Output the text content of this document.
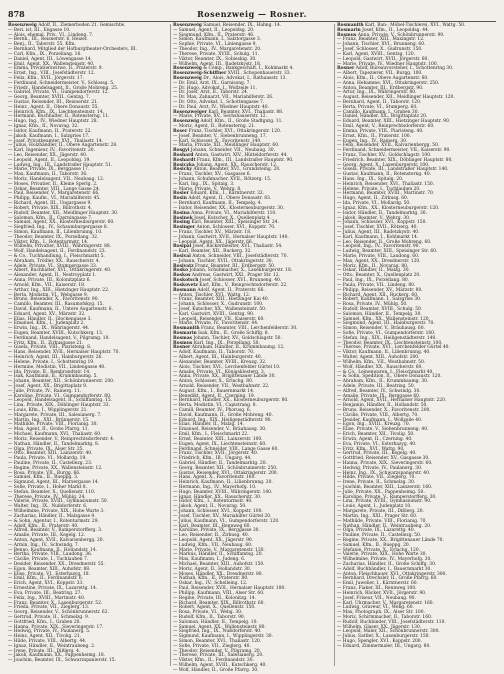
878	Rosenzweig — Rosner.
Rosenzweig Adolf, II., Ziemerboden 21. Gemischtw.
— Beri. ist, III., Engasse 10.
— Alois, ehemal. Priv., VI., Lindeng. 7.
— Bernh., III., Reisnerstr. 6, Heizer.
— Benj., II., Taborstr. 55, Kfm.
— Bernhard, Mitglied der Hofburgtheater-Orchesters, III.
— Carl, Kfm., IX., Porzellang. 16.
— Daniel, Agent, III., Löwengasse 14.
— Emil, Agent, XX., Wallensteinstr. 40.
— Emma, Privatierswitwe, II., Praterstr. 9.
— Ernst, Ing., VIII., Josefstädterstr. 12.
— Felix, Kfm., XVII., Jörgerstr. 17.
— Ferdinand, Schneidermeister, V., Schlossg. 5.
— Friedr., Handelsagent, II., Große Mohreng. 25.
— Gabriel, Private, VI., Gumpendorferstr. 12.
— Georg, Beamter, XVIII., Gentzg. 7.
— Gustav, Reisender, III., Reisnerstr. 21.
— Heinr., Agent, II., Obere Donaustr. 55.
— Heinrich, Kfm., IX., Liechtensteinstr. 14.
— Hermann, Buchhalter, II., Rotensterng. 11.
— Hugo, Ing., IV., Wiedner Hauptstr. 28.
— Ignaz, Kfm., II., Novarag. 32.
— Isidor, Kaufmann, II., Praterstr. 22.
— Jakob, Kaufmann, I., Salzgries 17.
— Josef, Privatbeamter, XVI., Thaliastr. 14.
— Julius, Holzhändler, II., Obere Augartenstr. 28.
— Karl, Ingenieur, IV., Favoritenstr. 20.
— Leo, Reisender, XX., Jägerstr. 40.
— Leopold, Agent, II., Leopoldsg. 19.
— Ludwig, Ing., III., Landstraßer Hauptstr. 51.
— Marie, Private, IX., Berggasse 17.
— Max, Kaufmann, II., Taborstr. 36.
— Moriz, Handelsagent, VII., Neubaug. 12.
— Moses, Privatier, II., Kleine Sperlg. 2.
— Oskar, Beamter, VIII., Lange Gasse 24.
— Paul, Reisender, V., Margaretenstr. 66.
— Philipp, Kaufm., VI., Mariahilferstr. 45.
— Richard, Agent, III., Ungargasse 9.
— Robert, Private, XIX., Billrothstr. 4.
— Rudolf, Beamter, XII., Meidlinger Hauptstr. 30.
— Salomon, Kfm., II., Czerningasse 7.
— Samuel, Agent, XX., Klosterneuburgerstr. 60.
— Siegfried, Ing., IV., Schaumburgergasse 8.
— Simon, Kaufmann, II., Lilienbrunng. 10.
— Theodor, Beamter, IX., Porzellang. 32.
— Viktor, Kfm., I., Rotenturmstr. 14.
— Wilhelm, Privatier, XVIII., Währingerstr. 88.
— Wolf, Handelsagent, II., Ferdinandstr. 23.
— & Co., Tuchhandlung, I., Fleischmarkt 5.
— Abraham, Trödler, XX., Rauscherstr. 4.
— Adele, Private, VI., Stumpergasse 33.
— Albert, Buchhalter, XVI., Ottakringerstr. 40.
— Alexander, Agent, II., Nestroyplatz 1.
— Anna, Private, III., Kolonitzplatz 6.
— Arnold, Kfm., VII., Kaiserstr. 18.
— Arthur, Ing., XIII., Hietzinger Hauptstr. 22.
— Berta, Modistin, VI., Webgasse 9.
— Bruno, Reisender, X., Favoritenstr. 90.
— Camillo, Beamter, III., Rasumofskyg. 15.
— David, Kaufmann, II., Untere Augartenstr. 6.
— Eduard, Agent, XV., Märzstr. 32.
— Elias, Händler, II., Glockengasse 3.
— Emanuel, Kfm., I., Judenplatz 2.
— Erwin, Ing., IX., Währingerstr. 44.
— Eugen, Beamter, XVIII., Kutschkerg. 13.
— Ferdinand, Handelsagent, V., Pilgramg. 10.
— Fritz, Kfm., II., Zirkusgasse 21.
— Gisela, Private, VIII., Piaristeng. 8.
— Hans, Reisender, XVII., Hernalser Hauptstr. 70.
— Heinrich, Agent, III., Hainburgerstr. 26.
— Helene, Private, I., Schottenring 19.
— Hermine, Modistin, VII., Lindengasse 40.
— Ida, Private, II., Rembrandtstr. 14.
— Isak, Kaufmann, II., Krummbaumg. 5.
— Johann, Beamter, XII., Schönbrunnerstr. 200.
— Josef, Agent, XX., Brigittaplatz 9.
— Julie, Private, IV., Rainerg. 11.
— Karoline, Private, VI., Gumpendorferstr. 80.
— Leopold, Handelsagent, II., Schiffamtsg. 15.
— Lina, Private, XIX., Döblinger Hauptstr. 33.
— Louis, Kfm., I., Wipplingerstr. 21.
— Margarete, Private, III., Salesianerg. 7.
— Martin, Ing., XXI., Brünnerstr. 15.
— Mathilde, Private, VIII., Florianig. 30.
— Max, Agent, II., Große Pfarrg. 11.
— Michael, Kaufmann, XVI., Thaliastr. 60.
— Moriz, Reisender, V., Reinprechtsdorferstr. 4.
— Nathan, Händler, II., Tandelmarktg. 8.
— Olga, Private, IX., Alser Str. 25.
— Otto, Beamter, XIII., Lainzerstr. 40.
— Paula, Private, VI., Mollardg. 19.
— Pauline, Private, II., Castellezg. 23.
— Regine, Private, XX., Wallensteinstr. 12.
— Rosa, Private, VII., Burgg. 66.
— Samuel, Kfm., II., Rueppg. 3.
— Sigmund, Agent, III., Marxergasse 14.
— Sofie, Private, I., Hoher Markt 8.
— Stefan, Beamter, X., Quellenstr. 110.
— Therese, Private, IV., Mühlg. 24.
— Valerie, Private, XVIII., Gymnasiumstr. 50.
— Walter, Ing., IX., Nußdorferstr. 6.
— Wilhelmine, Private, XIX., Hohe Warte 3.
— Zacharias, Händler, II., Malzgasse 9.
— & Sohn, Agentur, I., Rotenturmstr. 29.
— Adolf, Kfm., II., Praterstr. 40.
— Alfred, Beamter, V., Ramperstorfferg. 3.
— Amalie, Private, III., Kegelg. 12.
— Anton, Agent, XVII., Kalvarienbergg. 20.
— Armin, Ing., IV., Schwindg. 7.
— Benno, Kaufmann, II., Hollandstr. 14.
— Bertha, Private, VIII., Laudong. 36.
— Cäcilie, Private, I., Tuchlauben 7.
— Desider, Reisender, XX., Dresdnerstr. 55.
— Egon, Beamter, XIII., Auhofstr. 88.
— Elise, Private, VI., Esterhazyg. 18.
— Emil, Kfm., II., Ferdinandstr. 6.
— Erich, Agent, XVI., Koppstr. 33.
— Ernestine, Private, IX., Lazarettg. 14.
— Eva, Private, III., Beatrixg. 27.
— Felix, Ing., XVIII., Martinstr. 40.
— Franz, Beamter, X., Laxenburgerstr. 52.
— Frieda, Private, VII., Zieglerg. 13.
— Georg, Reisender, V., Schönbrunnerstr. 62.
— Gertrud, Private, II., Schmelzg. 9.
— Gottfried, Kfm., I., Graben 20.
— Hanna, Private, XIX., Sieveringerstr. 17.
— Hedwig, Private, IV., Paulanerg. 5.
— Heinz, Agent, XII., Tivolig. 21.
— Hilde, Private, VIII., Albertg. 44.
— Ignaz, Händler, II., Weintraubeng. 2.
— Irene, Private, III., Dißlerg. 4.
— Jakob, Kaufmann, XX., Pappenheimg. 18.
— Joachim, Beamter, IX., Schwarzspanierstr. 15.
Rosenzweig Samuel, Reisender, IX., Hahng. 14.
— Samuel, Agent, II., Leopoldsg. 20.
— Siegmund, Kfm., II., Praterstr. 46.
— Simon, Kaufmann, I., Salztorgasse 3.
— Sophie, Private, VI., Liniengasse 9.
— Theodor, Ing., IV., Margaretenstr. 20.
— Therese, Private, XVIII., Schulg. 11.
— Viktor, Beamter, IX., Sobieskig. 30.
— Wilhelm, Agent, III., Radetzkystr. 18.
Rosenzweig & Comp., Bankgeschäft, I., Kohlmarkt 4.
Rosenzweig-Schiffner XVIII., Schopenhauerstr. 33.
Rosenzweig Dr., Alois, Advokat, I., Rathausstr. 13.
— Dr. Emil, Arzt, IX., Garnisong. 7.
— Dr. Hugo, Advokat, I., Wollzeile 11.
— Dr. Josef, Arzt, II., Taborstr. 24.
— Dr. Max, Zahnarzt, VII., Mariahilferstr. 26.
— Dr. Otto, Advokat, I., Schottengasse 7.
— Dr. Paul, Arzt, IV., Wiedner Hauptstr. 40.
Rosenzweiger Karl, Beamter, XVI., Thaliastr. 88.
— Marie, Private, XV., Sechshauserstr. 12.
Rosenzwig Adolf, Kfm., II., Große Stadtgutg. 11.
— Moriz, Agent, II., Rotensterng. 21.
Roser Franz, Tischler, XVI., Ottakringerstr. 120.
— Josef, Beamter, V., Siebenbrunneng. 17.
— Karl, Schlosser, X., Favoritenstr. 140.
— Maria, Private, XII., Meidlinger Hauptstr. 60.
Rosgyi Johann, Schneider, VII., Neubaug. 30.
Roshard Anton, Gastwirt, XIV., Hütteldorferstr. 44.
Roshardt Franz, Kfm., III., Landstraßer Hauptstr. 90.
Rosiczka Johann, Agent, XX., Rauscherstr. 12.
Rosicky Anton, Beamter, XVI., Grundsteing. 20.
— Franz, Tischler, XV., Gasgasse 6.
— Johann, Schuhmacher, XVII., Rötzerg. 15.
— Karl, Ing., IX., Spitalg. 3.
— Marie, Private, V., Wehrg. 8.
Rosier Eduard, Kfm., I., Kärntnerstr. 32.
Rosin Adolf, Agent, II., Obere Donaustr. 83.
— Bernhard, Kaufmann, II., Tempelg. 4.
— Isidor, Reisender, XX., Klosterneuburgerstr. 30.
Rosina Anna, Private, VI., Mariahilferstr. 110.
Rosinek Josef, Kutscher, X., Quellenplatz 4.
Rosing Karl, Beamter, XIII., Speisinger Str. 24.
Rosinger Anton, Schlosser, XVI., Koppstr. 70.
— Franz, Tischler, XV., Märzstr. 18.
— Johann, Gastwirt, XVII., Hernalser Hauptstr. 140.
— Leopold, Agent, XX., Jägerstr. 66.
Rosipal Josef, Bäckermeister, XVI., Thaliastr. 54.
— Karl, Beamter, XII., Ruckerg. 32.
Rosival Anton, Schneider, VIII., Josefstädterstr. 70.
— Johann, Tischler, XVII., Ottakringerstr. 30.
Rosivatz Franz, Beamter, III., Erdbergstr. 50.
Rosko Johann, Schuhmacher, X., Laxenburgerstr. 18.
Roskos Andreas, Gastwirt, XXI., Prager Str. 12.
Roskotsch Josef, Schlosser, XVI., Brunneng. 40.
Roskovetz Karl, Kfm., V., Reinprechtsdorferstr. 22.
Rosmann Adolf, Agent, II., Praterstr. 66.
— Anton, Tischler, XVI., Wattg. 12.
— Franz, Beamter, XIII., Hietzinger Kai 40.
— Johann, Schlosser, X., Gudrunstr. 100.
— Josef, Kutscher, XX., Wallensteinstr. 50.
— Karl, Gastwirt, XVIII., Gentzg. 90.
— Leopold, Reisender, VII., Kaiserstr. 60.
— Marie, Private, IV., Favoritenstr. 44.
Rosmanith Franz, Beamter, VIII., Lerchenfelderstr. 30.
Rosmarin Isak, Kfm., II., Große Schiffg. 8.
Rosmas Johann, Tischler, XV., Goldschlagstr. 50.
Rosmus Karl, Ing., IX., Porzellang. 50.
Rosner Abraham, Händler, II., Krummbaumg. 12.
— Adolf, Kaufmann, II., Taborstr. 70.
— Albert, Agent, III., Hainburgerstr. 40.
— Alexander, Beamter, XVIII., Kreuzg. 32.
— Alois, Tischler, XVI., Lerchenfelder Gürtel 10.
— Amalie, Private, VI., Königsklosterg. 3.
— Anna, Private, XX., Brigittenauer Lände 30.
— Anton, Schlosser, X., Erlachg. 80.
— Arnold, Reisender, VII., Westbahnstr. 22.
— August, Kfm., I., Bauernmarkt 14.
— Benedikt, Agent, II., Czerning. 19.
— Bernhard, Händler, XX., Klosterneuburgerstr. 80.
— Berta, Modistin, VI., Capistrang. 8.
— Camill, Beamter, IV., Phorusg. 6.
— David, Kaufmann, II., Große Mohreng. 40.
— Eduard, Ing., XIX., Heiligenstädterstr. 90.
— Elias, Händler, II., Malzg. 14.
— Emanuel, Reisender, V., Bräuhausg. 30.
— Emil, Kfm., I., Fleischmarkt 22.
— Ernst, Beamter, XIII., Lainzerstr. 100.
— Eugen, Agent, IX., Liechtensteinstr. 60.
— Ferdinand, Schneider, VIII., Lange Gasse 60.
— Franz, Tischler, XVII., Jörgerstr. 40.
— Friedrich, Kfm., III., Ungarg. 44.
— Gabriel, Händler, II., Tandelmarktg. 20.
— Georg, Beamter, XII., Schönbrunnerstr. 250.
— Gustav, Reisender, XVI., Ottakringerstr. 200.
— Hans, Agent, X., Favoritenstr. 160.
— Heinrich, Kaufmann, II., Lilienbrunng. 20.
— Hermann, Ing., IV., Mayerhofg. 10.
— Hugo, Beamter, XVIII., Währingerstr. 140.
— Ignaz, Händler, XX., Rauscherstr. 30.
— Isidor, Kfm., I., Rotenturmstr. 40.
— Jakob, Agent, II., Novarag. 50.
— Johann, Schlosser, XVI., Koppstr. 100.
— Josef, Tischler, XV., Mariahilfer Gürtel 20.
— Julius, Kaufmann, VI., Gumpendorferstr. 120.
— Karl, Beamter, III., Rennweg 60.
— Karoline, Private, IX., Berggasse 30.
— Leo, Reisender, II., Zirkusg. 40.
— Leopold, Agent, XX., Jägerstr. 90.
— Ludwig, Kfm., VII., Neubaug. 60.
— Marie, Private, V., Margaretenstr. 120.
— Markus, Händler, II., Schiffamtsg. 20.
— Max, Kaufmann, I., Judeng. 6.
— Michael, Beamter, XIII., Auhofstr. 150.
— Moriz, Agent, II., Hollandstr. 30.
— Moses, Händler, XX., Dresdnerstr. 80.
— Nathan, Kfm., II., Praterstr. 80.
— Oskar, Ing., IV., Schelleing. 12.
— Paul, Reisender, XVII., Hernalser Hauptstr. 180.
— Philipp, Kaufmann, VIII., Alser Str. 60.
— Regine, Private, III., Kolonitzg. 14.
— Richard, Beamter, XIX., Billrothstr. 60.
— Robert, Agent, X., Quellenstr. 150.
— Rosa, Private, VI., Webg. 30.
— Rudolf, Kfm., II., Taborstr. 90.
— Salomon, Händler, II., Tempelg. 10.
— Samuel, Agent, XX., Wallensteinstr. 80.
— Siegfried, Ing., IX., Nußdorferstr. 40.
— Sigmund, Kaufmann, I., Wipplingerstr. 30.
— Simon, Beamter, XVI., Thaliastr. 120.
— Sofie, Private, VII., Zieglerg. 40.
— Theodor, Reisender, V., Pilgramg. 20.
— Therese, Private, III., Salesianerg. 20.
— Viktor, Kfm., II., Ferdinandstr. 30.
— Wilhelm, Agent, XVIII., Kutschkerg. 40.
— Wolf, Händler, II., Große Pfarrg. 30.
Rosmanith Karl, Ban-, Möbel-Tischlerei, XVI., Wattg. 50.
Rosmarin Josef, Kfm., II., Leopoldsg. 44.
Rosmus Anna, Private, V., Schönbrunnerstr. 90.
— Franz, Beamter, XIII., Maxingstr. 12.
— Johann, Tischler, XVI., Brunneng. 60.
— Josef, Schlosser, X., Gudrunstr. 150.
— Karl, Agent, XVIII., Gentzg. 120.
— Leopold, Gastwirt, XVII., Jörgerstr. 60.
— Marie, Private, IV., Wiedner Hauptstr. 100.
Rosner Adolf, Bureauvorsteher, I., Schottenring 30.
— Albert, Tapezierer, VII., Burgg. 100.
— Alois, Kfm., II., Obere Augartenstr. 60.
— Anna, Hebamme, XVI., Ottakringerstr. 250.
— Anton, Beamter, III., Erdbergstr. 90.
— Artur, Ing., IX., Währingerstr. 80.
— August, Reisender, XII., Meidlinger Hauptstr. 120.
— Bernhard, Agent, II., Taborstr. 120.
— Berta, Private, VI., Stumperg. 60.
— Camillo, Kaufmann, I., Graben 30.
— Daniel, Händler, XX., Brigittaplatz 20.
— Eduard, Beamter, XIII., Hietzinger Hauptstr. 90.
— Emil, Agent, V., Reinprechtsdorferstr. 60.
— Emma, Private, VIII., Piaristeng. 40.
— Ernst, Kfm., II., Praterstr. 100.
— Eugen, Ing., IV., Rainerg. 30.
— Felix, Reisender, XVII., Kalvarienbergg. 50.
— Ferdinand, Schneidermeister, VII., Kaiserstr. 90.
— Franz, Tischler, XV., Goldschlagstr. 100.
— Friedrich, Beamter, XIX., Döblinger Hauptstr. 80.
— Georg, Agent, X., Laxenburgerstr. 100.
— Gisela, Private, III., Landstraßer Hauptstr. 140.
— Gustav, Kaufmann, II., Rotensterng. 40.
— Hans, Ing., IX., Spitalg. 20.
— Heinrich, Reisender, XVI., Thaliastr. 150.
— Helene, Private, I., Tuchlauben 20.
— Hermann, Beamter, XVIII., Martinstr. 70.
— Hugo, Agent, II., Zirkusg. 60.
— Ida, Private, VI., Mollardg. 50.
— Ignaz, Kfm., XX., Klosterneuburgerstr. 120.
— Isidor, Händler, II., Tandelmarktg. 30.
— Jakob, Beamter, V., Wehrg. 30.
— Johann, Schlosser, XVI., Koppstr. 150.
— Josef, Tischler, XVII., Rötzerg. 40.
— Julius, Agent, III., Radetzkystr. 40.
— Karl, Kaufmann, I., Kohlmarkt 14.
— Leo, Reisender, II., Große Mohreng. 60.
— Leopold, Ing., IV., Favoritenstr. 90.
— Ludwig, Beamter, XIII., Speisinger Str. 60.
— Marie, Private, VIII., Laudong. 60.
— Max, Agent, XX., Dresdnerstr. 120.
— Moriz, Kfm., II., Novarag. 80.
— Oskar, Händler, II., Malzg. 30.
— Otto, Beamter, X., Quellenplatz 20.
— Paul, Ing., IX., Porzellang. 80.
— Paula, Private, VII., Lindeng. 80.
— Philipp, Reisender, XV., Märzstr. 80.
— Richard, Agent, XII., Ruckerg. 60.
— Robert, Kaufmann, I., Salzgries 30.
— Rosa, Private, IV., Mühlg. 50.
— Rudolf, Beamter, XVIII., Schulg. 50.
— Salomon, Händler, II., Tempelg. 30.
— Samuel, Kfm., XX., Wallensteinstr. 120.
— Siegmund, Agent, III., Hainburgerstr. 70.
— Simon, Reisender, V., Bräuhausg. 60.
— Sofie, Private, VI., Gumpendorferstr. 160.
— Stefan, Ing., XIX., Heiligenstädterstr. 140.
— Theodor, Beamter, IX., Liechtensteinstr. 100.
— Therese, Private, XVI., Lerchenfelder Gürtel 40.
— Viktor, Kaufmann, II., Lilienbrunng. 40.
— Walter, Agent, XIII., Auhofstr. 200.
— Wilhelm, Kfm., VII., Westbahnstr. 50.
— Wolf, Händler, XX., Rauscherstr. 60.
— & Co., Leinenwaren, I., Fleischmarkt 40.
— & Sohn, Spedition, II., Obere Donaustr. 120.
— Abraham, Kfm., II., Krummbaumg. 30.
— Adele, Private, III., Beatrixg. 50.
— Alfred, Beamter, IV., Schwindg. 30.
— Amalie, Private, IX., Berggasse 60.
— Arnold, Agent, XVII., Hernalser Hauptstr. 220.
— Benjamin, Händler, II., Hollandstr. 50.
— Bruno, Reisender, X., Favoritenstr. 200.
— Cäcilie, Private, VIII., Albertg. 70.
— Desider, Kaufmann, I., Wollzeile 40.
— Egon, Ing., XVIII., Kreuzg. 70.
— Elise, Private, V., Siebenbrunneng. 40.
— Erich, Beamter, XII., Tivolig. 50.
— Erwin, Agent, II., Czerning. 40.
— Eva, Private, VI., Esterhazyg. 40.
— Fritz, Kfm., XVI., Wattg. 90.
— Gertrud, Private, III., Kegelg. 40.
— Gottfried, Reisender, XV., Gasgasse 30.
— Hanna, Private, XIX., Sieveringerstr. 60.
— Hedwig, Private, IV., Paulanerg. 30.
— Heinz, Ing., IX., Schwarzspanierstr. 40.
— Hilde, Private, VII., Zieglerg. 70.
— Irene, Private, II., Schmelzg. 30.
— Joachim, Beamter, XIII., Lainzerstr. 160.
— Julie, Private, XX., Pappenheimg. 50.
— Karoline, Private, V., Ramperstorfferg. 30.
— Lina, Private, XVIII., Gymnasiumstr. 90.
— Louis, Agent, I., Judenplatz 10.
— Margarete, Private, III., Dißlerg. 20.
— Martin, Ing., XXI., Prager Str. 60.
— Mathilde, Private, VIII., Florianig. 70.
— Nathan, Händler, II., Weintraubeng. 20.
— Olga, Private, IX., Lazarettg. 40.
— Pauline, Private, II., Castellezg. 50.
— Regine, Private, XX., Brigittenauer Lände 70.
— Samuel, Kfm., II., Rueppg. 20.
— Stefanie, Private, X., Erlachg. 120.
— Valerie, Private, XIX., Hohe Warte 30.
— Wilhelmine, Private, IV., Mayerhofg. 30.
— Zacharias, Händler, II., Große Schiffg. 30.
— Adolf, Buchhändler, I., Bauernmarkt 30.
— Anton, Fleischhauer, XVI., Ottakringerstr. 300.
— Bernhard, Drechsler, II., Große Pfarrg. 60.
— Emil, Juwelier, I., Kärntnerstr. 60.
— Franz, Fiaker, III., Rennweg 100.
— Heinrich, Bäcker, XVII., Jörgerstr. 90.
— Josef, Friseur, VII., Neubaug. 90.
— Karl, Uhrmacher, V., Margaretenstr. 160.
— Ludwig, Graveur, VI., Webg. 60.
— Max, Photograph, IX., Alser Str. 100.
— Moriz, Schirmmacher, II., Taborstr. 160.
— Rudolf, Buchbinder, VIII., Josefstädterstr. 110.
— Wilhelm, Glaser, XX., Jägerstr. 130.
— Leopold, Maler, XII., Schönbrunnerstr. 300.
— Julius, Sattler, X., Laxenburgerstr. 150.
— Hugo, Spengler, XVI., Koppstr. 200.
— Eduard, Zimmermaler, III., Ungarg. 80.
